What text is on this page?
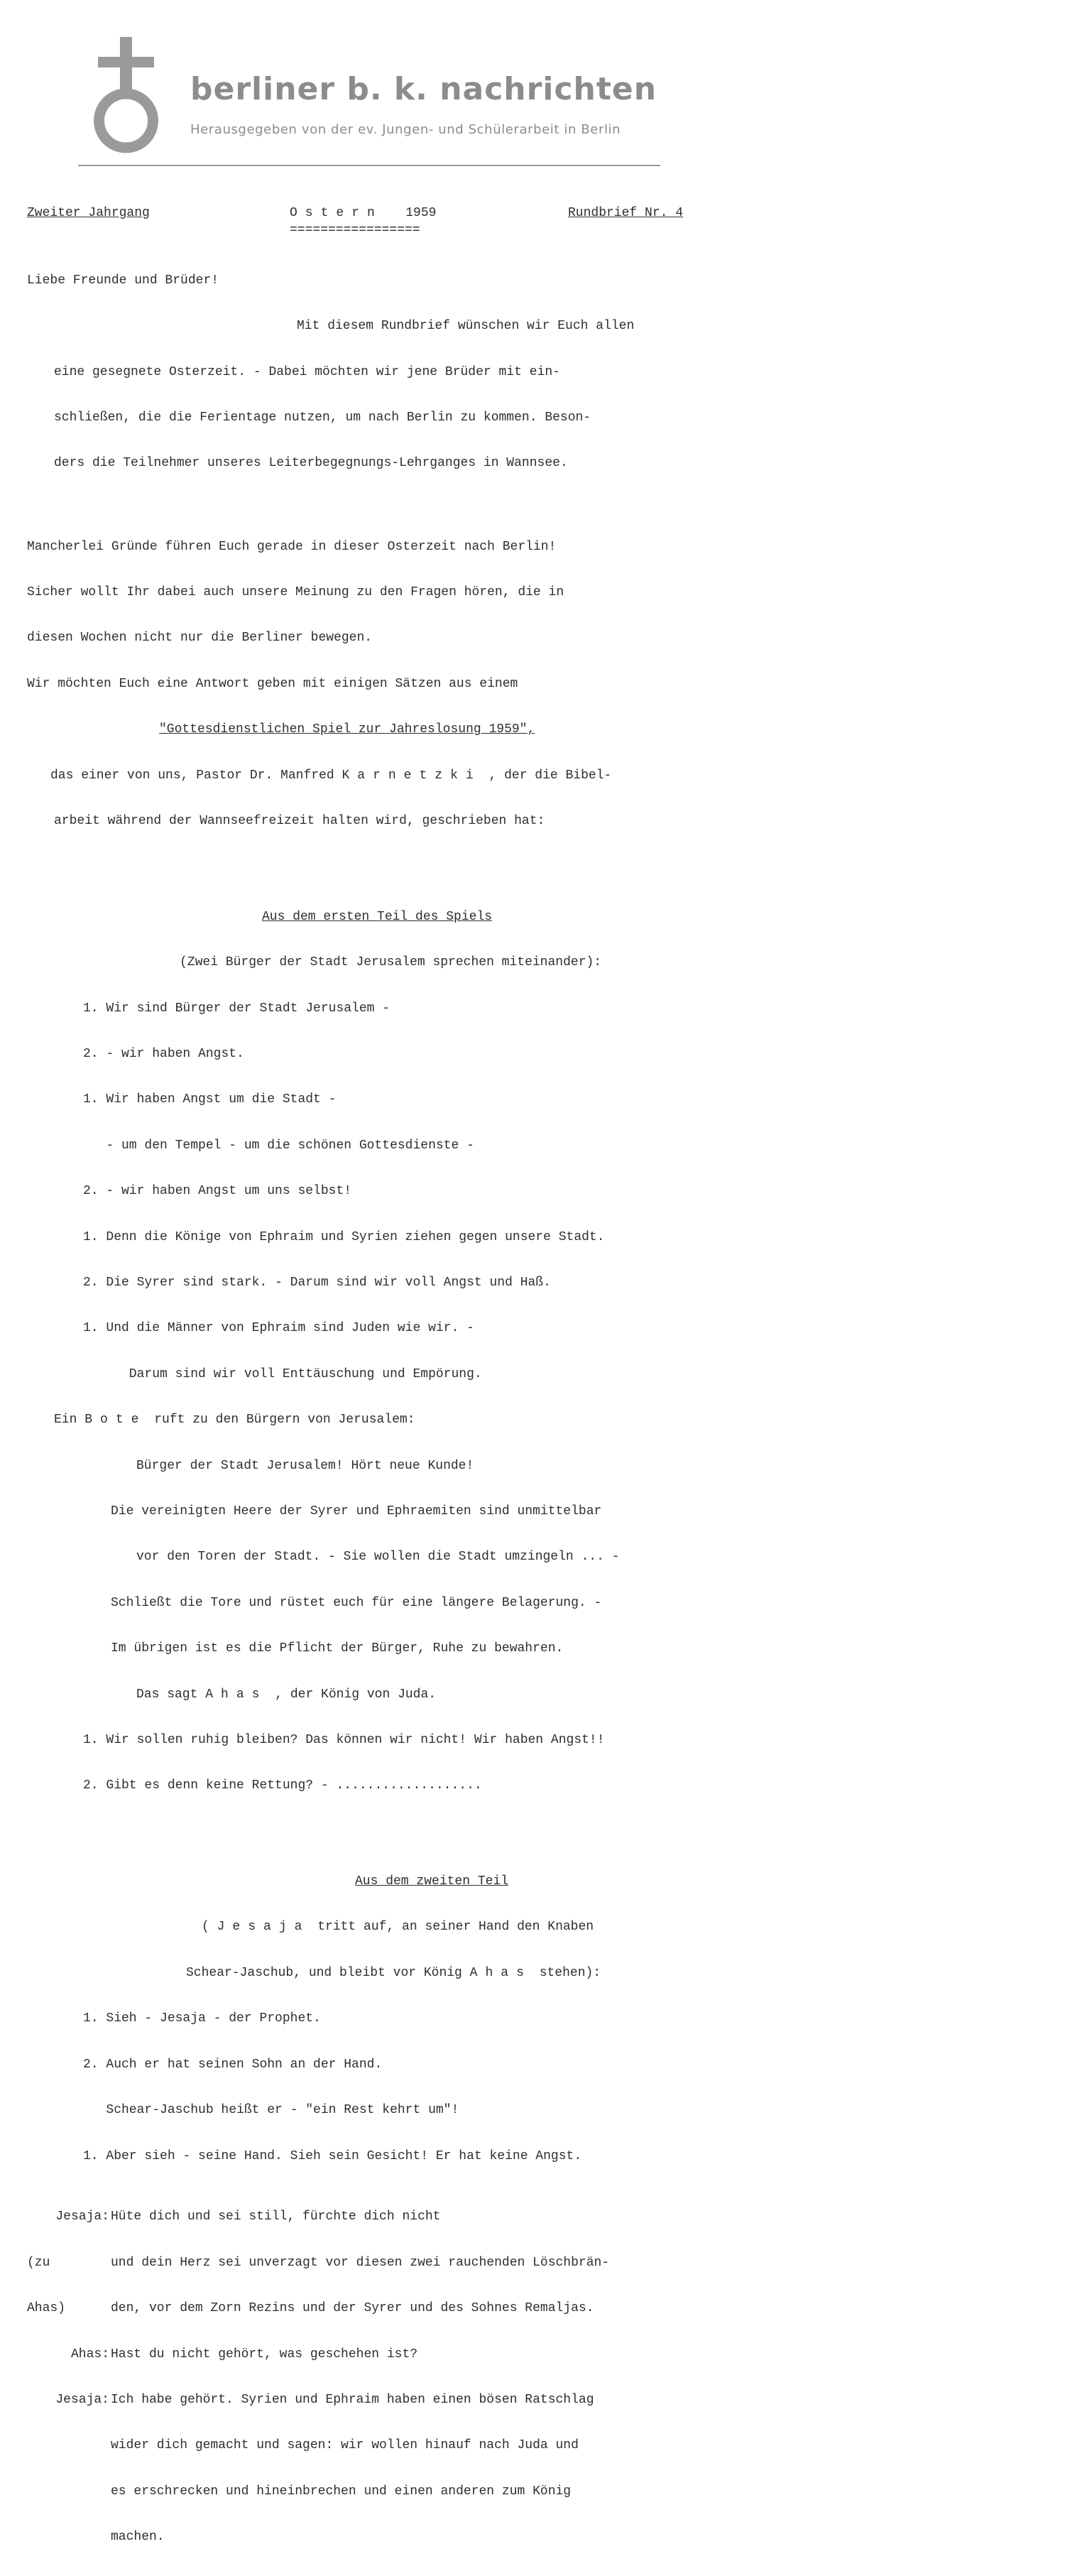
berliner b. k. nachrichten
Herausgegeben von der ev. Jungen- und Schülerarbeit in Berlin
Zweiter Jahrgang	Ostern 1959	Rundbrief Nr. 4
=================

Liebe Freunde und Brüder!

Mit diesem Rundbrief wünschen wir Euch allen

eine gesegnete Osterzeit. - Dabei möchten wir jene Brüder mit ein-

schließen, die die Ferientage nutzen, um nach Berlin zu kommen. Beson-

ders die Teilnehmer unseres Leiterbegegnungs-Lehrganges in Wannsee.

Mancherlei Gründe führen Euch gerade in dieser Osterzeit nach Berlin!

Sicher wollt Ihr dabei auch unsere Meinung zu den Fragen hören, die in

diesen Wochen nicht nur die Berliner bewegen.

Wir möchten Euch eine Antwort geben mit einigen Sätzen aus einem

"Gottesdienstlichen Spiel zur Jahreslosung 1959",

das einer von uns, Pastor Dr. Manfred Karnetzki , der die Bibel-

arbeit während der Wannseefreizeit halten wird, geschrieben hat:

Aus dem ersten Teil des Spiels

(Zwei Bürger der Stadt Jerusalem sprechen miteinander):

1. Wir sind Bürger der Stadt Jerusalem -

2. - wir haben Angst.

1. Wir haben Angst um die Stadt -

- um den Tempel - um die schönen Gottesdienste -

2. - wir haben Angst um uns selbst!

1. Denn die Könige von Ephraim und Syrien ziehen gegen unsere Stadt.

2. Die Syrer sind stark. - Darum sind wir voll Angst und Haß.

1. Und die Männer von Ephraim sind Juden wie wir. -

Darum sind wir voll Enttäuschung und Empörung.

Ein Bote ruft zu den Bürgern von Jerusalem:

Bürger der Stadt Jerusalem! Hört neue Kunde!

Die vereinigten Heere der Syrer und Ephraemiten sind unmittelbar

vor den Toren der Stadt. - Sie wollen die Stadt umzingeln ... -

Schließt die Tore und rüstet euch für eine längere Belagerung. -

Im übrigen ist es die Pflicht der Bürger, Ruhe zu bewahren.

Das sagt Ahas , der König von Juda.

1. Wir sollen ruhig bleiben? Das können wir nicht! Wir haben Angst!!

2. Gibt es denn keine Rettung? - ...................

Aus dem zweiten Teil

( Jesaja tritt auf, an seiner Hand den Knaben

Schear-Jaschub, und bleibt vor König Ahas stehen):

1. Sieh - Jesaja - der Prophet.

2. Auch er hat seinen Sohn an der Hand.

Schear-Jaschub heißt er - "ein Rest kehrt um"!

1. Aber sieh - seine Hand. Sieh sein Gesicht! Er hat keine Angst.

Jesaja: Hüte dich und sei still, fürchte dich nicht

(zu	und dein Herz sei unverzagt vor diesen zwei rauchenden Löschbrän-

Ahas)	den, vor dem Zorn Rezins und der Syrer und des Sohnes Remaljas.

Ahas: Hast du nicht gehört, was geschehen ist?

Jesaja: Ich habe gehört. Syrien und Ephraim haben einen bösen Ratschlag

wider dich gemacht und sagen: wir wollen hinauf nach Juda und

es erschrecken und hineinbrechen und einen anderen zum König

machen.
